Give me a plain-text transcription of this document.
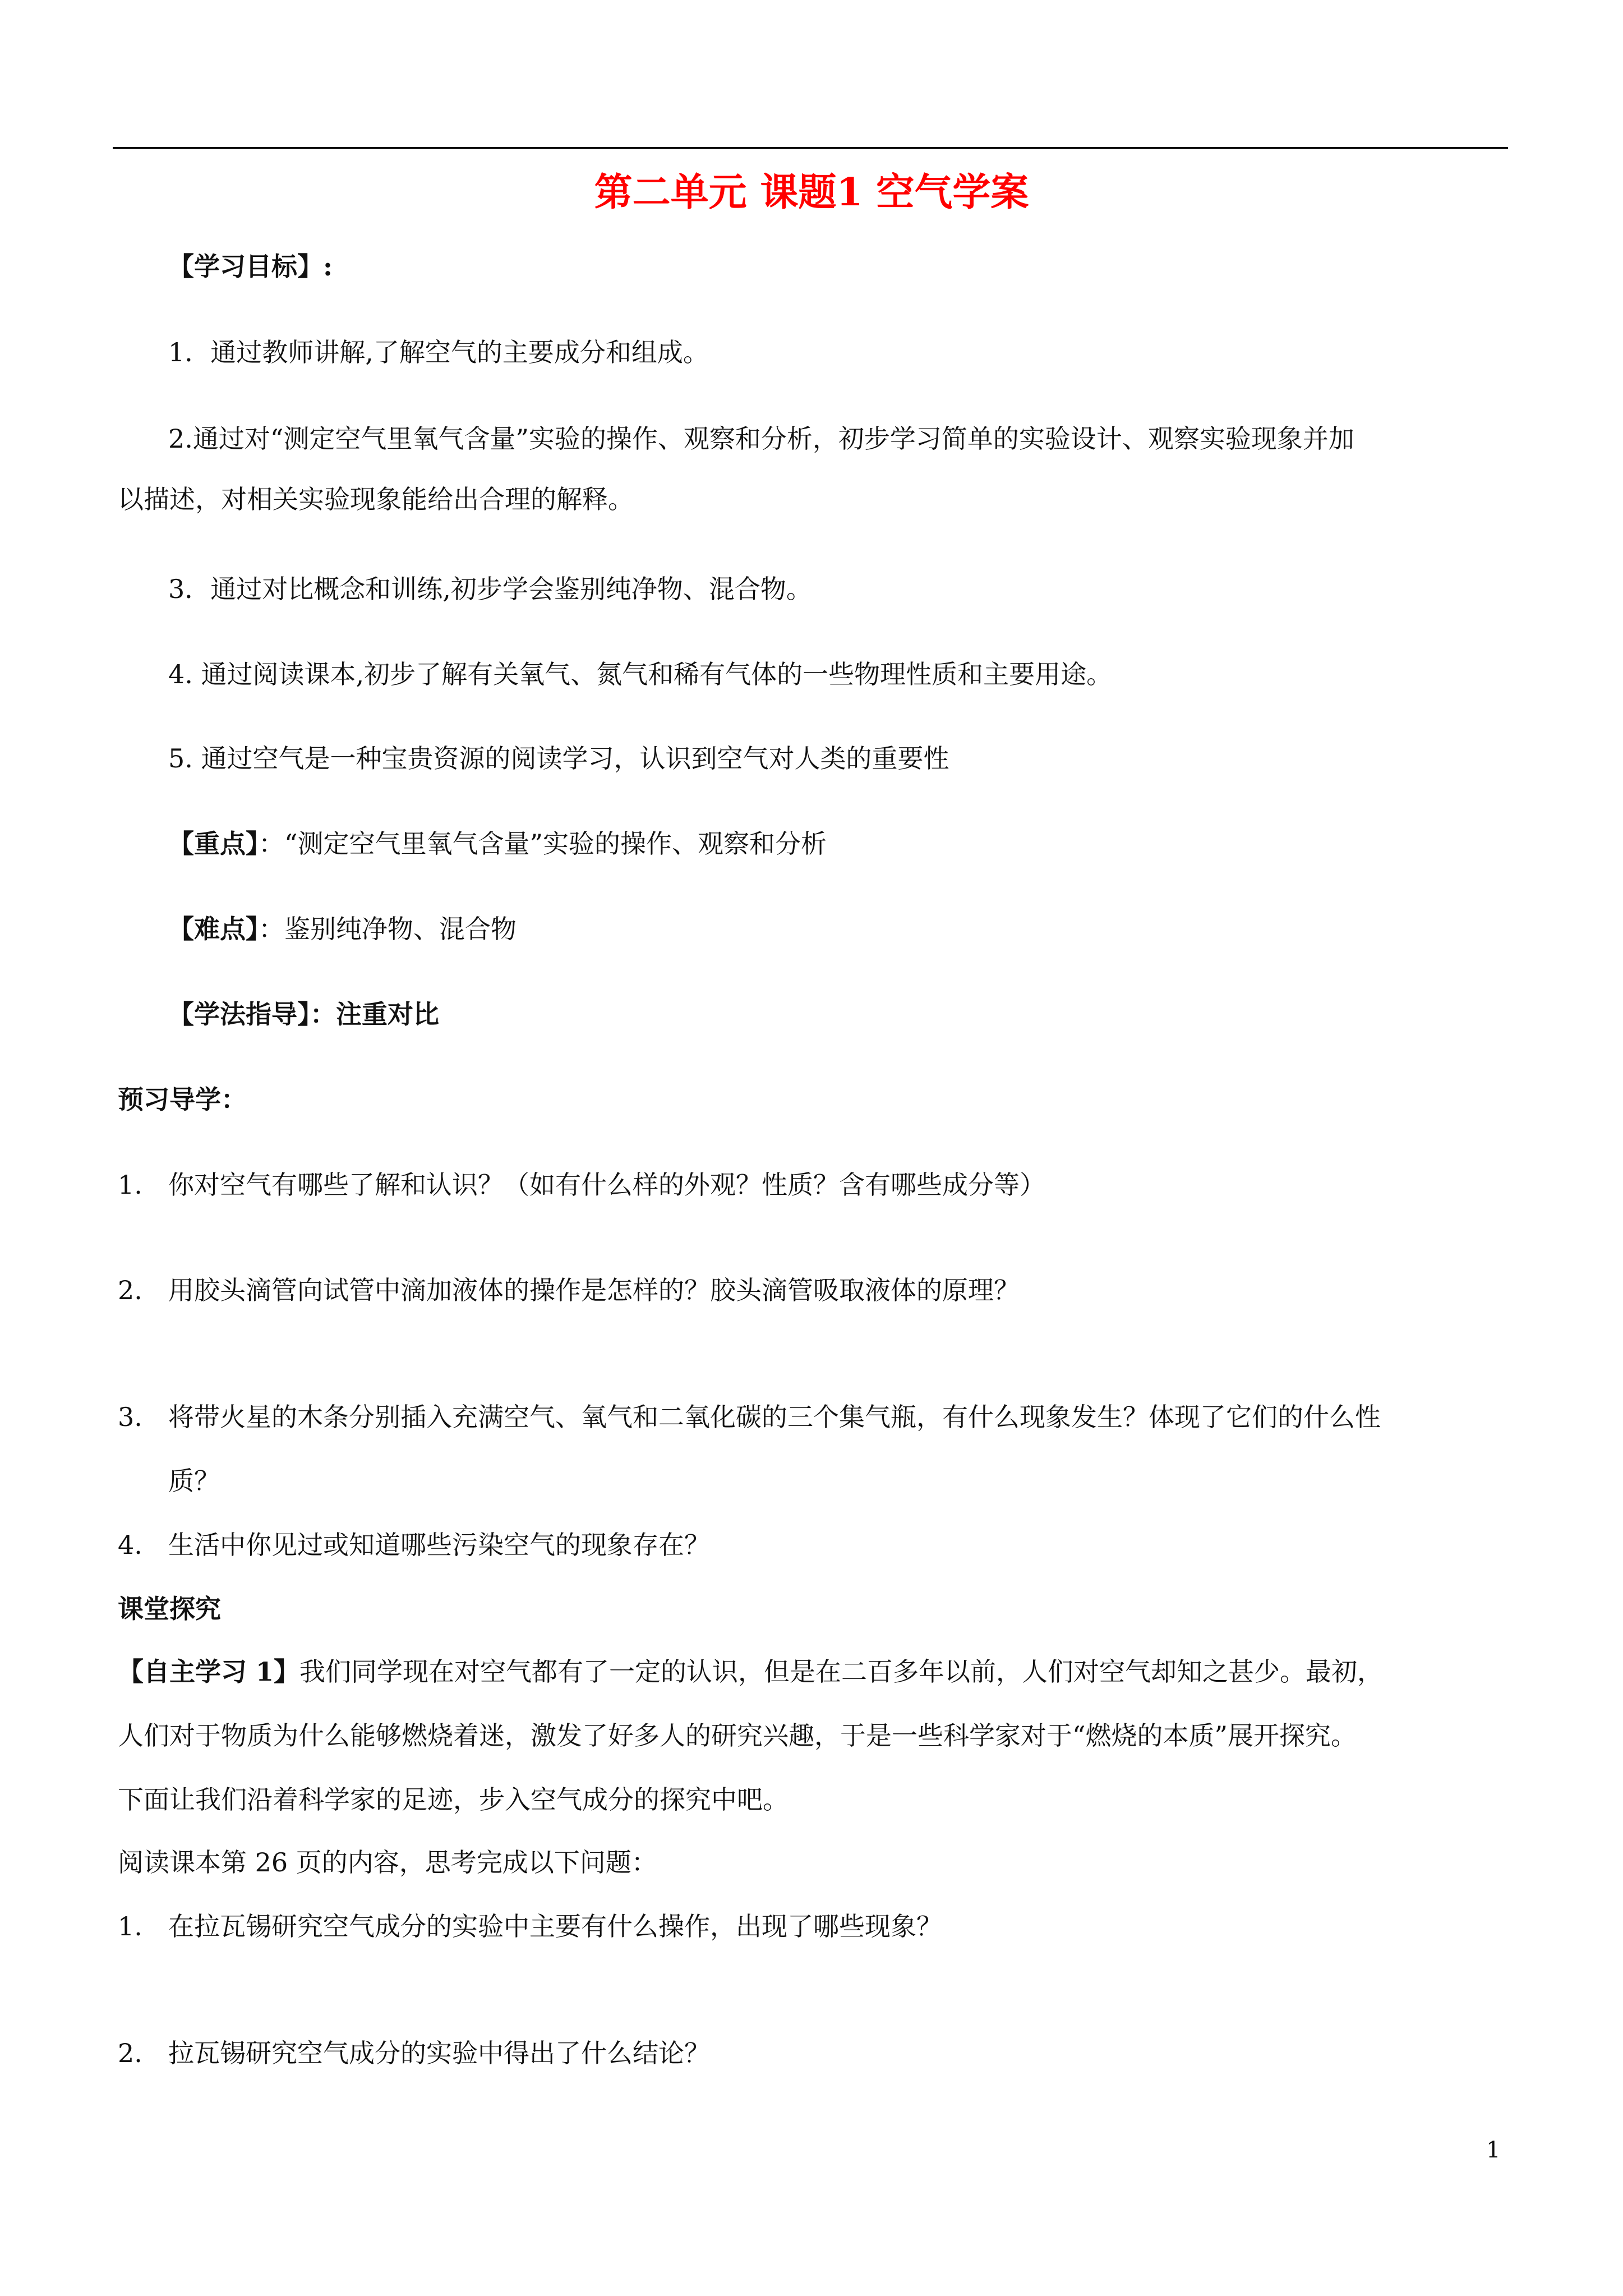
第二单元 课题1 空气学案
【学习目标】:
1．通过教师讲解,了解空气的主要成分和组成。
2.通过对“测定空气里氧气含量”实验的操作、观察和分析，初步学习简单的实验设计、观察实验现象并加
以描述，对相关实验现象能给出合理的解释。
3．通过对比概念和训练,初步学会鉴别纯净物、混合物。
4. 通过阅读课本,初步了解有关氧气、氮气和稀有气体的一些物理性质和主要用途。
5. 通过空气是一种宝贵资源的阅读学习，认识到空气对人类的重要性
【重点】：“测定空气里氧气含量”实验的操作、观察和分析
【难点】：鉴别纯净物、混合物
【学法指导】：注重对比
预习导学：
1. 你对空气有哪些了解和认识？（如有什么样的外观？性质？含有哪些成分等）
2. 用胶头滴管向试管中滴加液体的操作是怎样的？胶头滴管吸取液体的原理？
3. 将带火星的木条分别插入充满空气、氧气和二氧化碳的三个集气瓶，有什么现象发生？体现了它们的什么性
质？
4. 生活中你见过或知道哪些污染空气的现象存在？
课堂探究
【自主学习 1】我们同学现在对空气都有了一定的认识，但是在二百多年以前，人们对空气却知之甚少。最初，
人们对于物质为什么能够燃烧着迷，激发了好多人的研究兴趣，于是一些科学家对于“燃烧的本质”展开探究。
下面让我们沿着科学家的足迹，步入空气成分的探究中吧。
阅读课本第 26 页的内容，思考完成以下问题：
1. 在拉瓦锡研究空气成分的实验中主要有什么操作，出现了哪些现象？
2. 拉瓦锡研究空气成分的实验中得出了什么结论？
1
